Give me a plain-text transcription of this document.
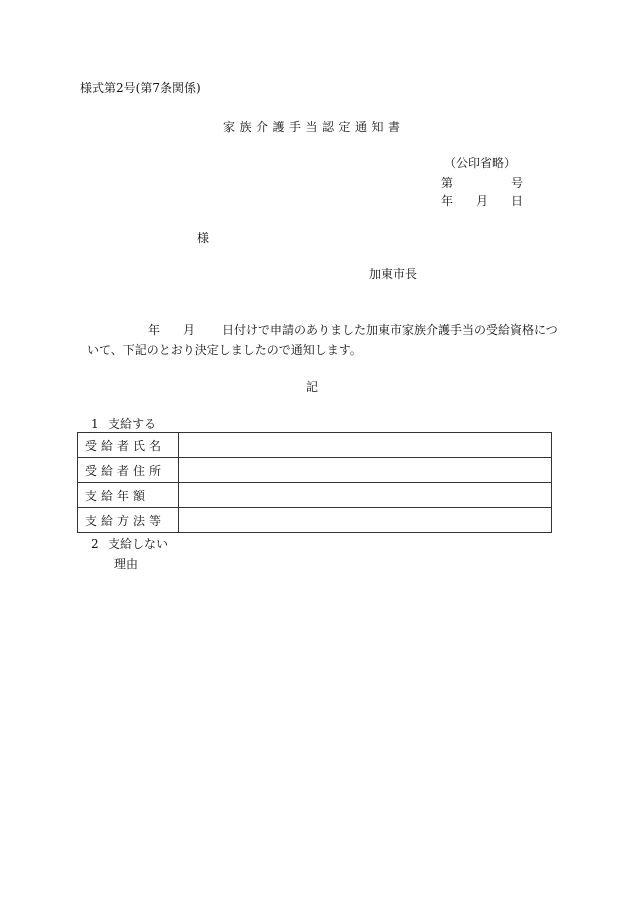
様式第2号(第7条関係)
家族介護手当認定通知書
（公印省略）
第	号
年 月 日
様
加東市長
年 月 日付けで申請のありました加東市家族介護手当の受給資格につ
いて、下記のとおり決定しましたので通知します。
記
1 支給する
受給者氏名	
受給者住所	
支給年額	
支給方法等	
2 支給しない
理由
